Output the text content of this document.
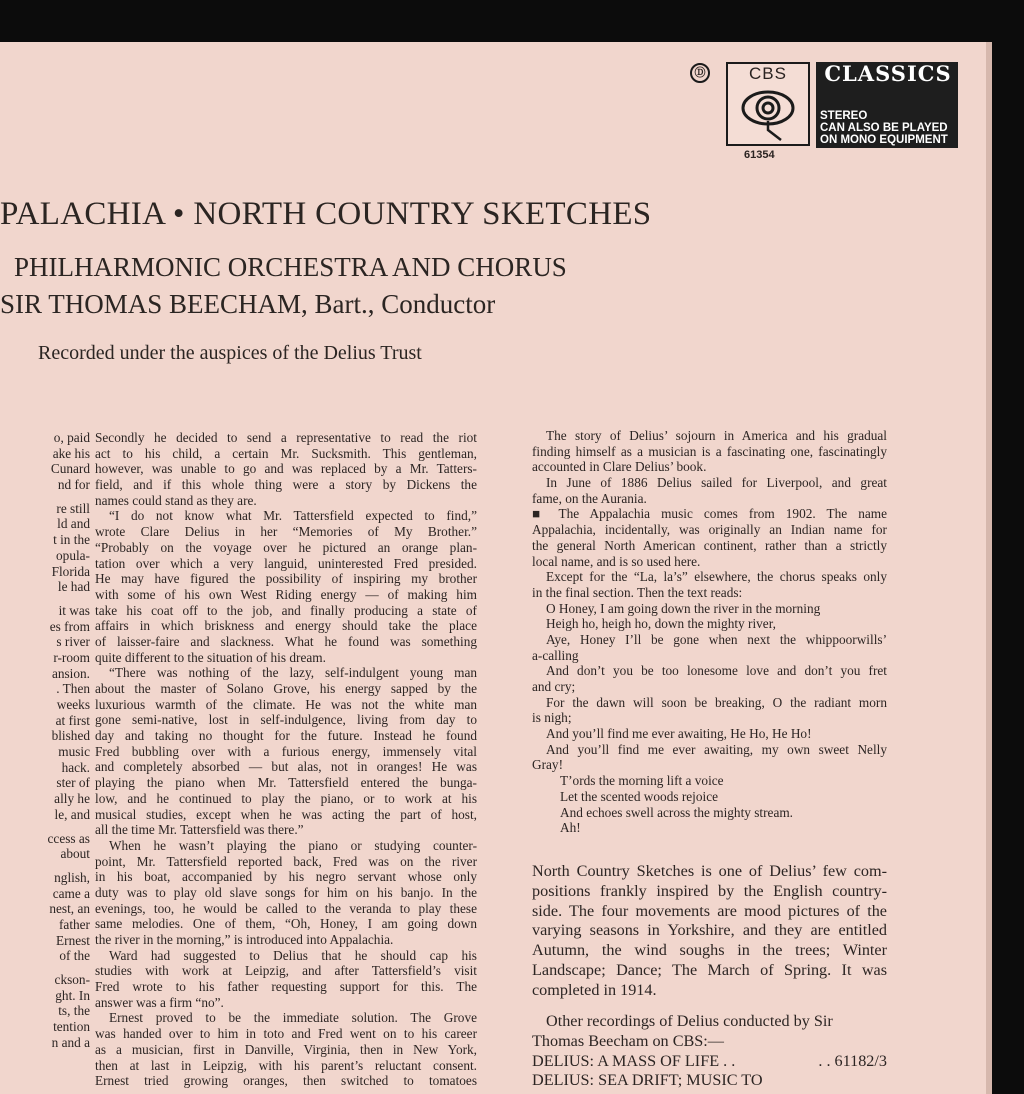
Ⓓ	CBS
61354
CLASSICS
STEREO
CAN ALSO BE PLAYED
ON MONO EQUIPMENT
PALACHIA • NORTH COUNTRY SKETCHES
PHILHARMONIC ORCHESTRA AND CHORUS
SIR THOMAS BEECHAM, Bart., Conductor
Recorded under the auspices of the Delius Trust
o, paid
ake his
Cunard
nd for
re still
ld and
t in the
opula-
Florida
le had
it was
es from
s river
r-room
ansion.
. Then
weeks
at first
blished
music
hack.
ster of
ally he
le, and
ccess as
about
nglish,
came a
nest, an
father
Ernest
of the
ckson-
ght. In
ts, the
tention
n and a
Secondly he decided to send a representative to read the riot
act to his child, a certain Mr. Sucksmith. This gentleman,
however, was unable to go and was replaced by a Mr. Tatters-
field, and if this whole thing were a story by Dickens the
names could stand as they are.
“I do not know what Mr. Tattersfield expected to find,”
wrote Clare Delius in her “Memories of My Brother.”
“Probably on the voyage over he pictured an orange plan-
tation over which a very languid, uninterested Fred presided.
He may have figured the possibility of inspiring my brother
with some of his own West Riding energy — of making him
take his coat off to the job, and finally producing a state of
affairs in which briskness and energy should take the place
of laisser-faire and slackness. What he found was something
quite different to the situation of his dream.
“There was nothing of the lazy, self-indulgent young man
about the master of Solano Grove, his energy sapped by the
luxurious warmth of the climate. He was not the white man
gone semi-native, lost in self-indulgence, living from day to
day and taking no thought for the future. Instead he found
Fred bubbling over with a furious energy, immensely vital
and completely absorbed — but alas, not in oranges! He was
playing the piano when Mr. Tattersfield entered the bunga-
low, and he continued to play the piano, or to work at his
musical studies, except when he was acting the part of host,
all the time Mr. Tattersfield was there.”
When he wasn’t playing the piano or studying counter-
point, Mr. Tattersfield reported back, Fred was on the river
in his boat, accompanied by his negro servant whose only
duty was to play old slave songs for him on his banjo. In the
evenings, too, he would be called to the veranda to play these
same melodies. One of them, “Oh, Honey, I am going down
the river in the morning,” is introduced into Appalachia.
Ward had suggested to Delius that he should cap his
studies with work at Leipzig, and after Tattersfield’s visit
Fred wrote to his father requesting support for this. The
answer was a firm “no”.
Ernest proved to be the immediate solution. The Grove
was handed over to him in toto and Fred went on to his career
as a musician, first in Danville, Virginia, then in New York,
then at last in Leipzig, with his parent’s reluctant consent.
Ernest tried growing oranges, then switched to tomatoes
The story of Delius’ sojourn in America and his gradual
finding himself as a musician is a fascinating one, fascinatingly
accounted in Clare Delius’ book.
In June of 1886 Delius sailed for Liverpool, and great
fame, on the Aurania.
■ The Appalachia music comes from 1902. The name
Appalachia, incidentally, was originally an Indian name for
the general North American continent, rather than a strictly
local name, and is so used here.
Except for the “La, la’s” elsewhere, the chorus speaks only
in the final section. Then the text reads:
O Honey, I am going down the river in the morning
Heigh ho, heigh ho, down the mighty river,
Aye, Honey I’ll be gone when next the whippoorwills’
a-calling
And don’t you be too lonesome love and don’t you fret
and cry;
For the dawn will soon be breaking, O the radiant morn
is nigh;
And you’ll find me ever awaiting, He Ho, He Ho!
And you’ll find me ever awaiting, my own sweet Nelly
Gray!
T’ords the morning lift a voice
Let the scented woods rejoice
And echoes swell across the mighty stream.
Ah!
North Country Sketches is one of Delius’ few com-
positions frankly inspired by the English country-
side. The four movements are mood pictures of the
varying seasons in Yorkshire, and they are entitled
Autumn, the wind soughs in the trees; Winter
Landscape; Dance; The March of Spring. It was
completed in 1914.
Other recordings of Delius conducted by Sir
Thomas Beecham on CBS:—
DELIUS: A MASS OF LIFE . .	. . 61182/3
DELIUS: SEA DRIFT; MUSIC TO
